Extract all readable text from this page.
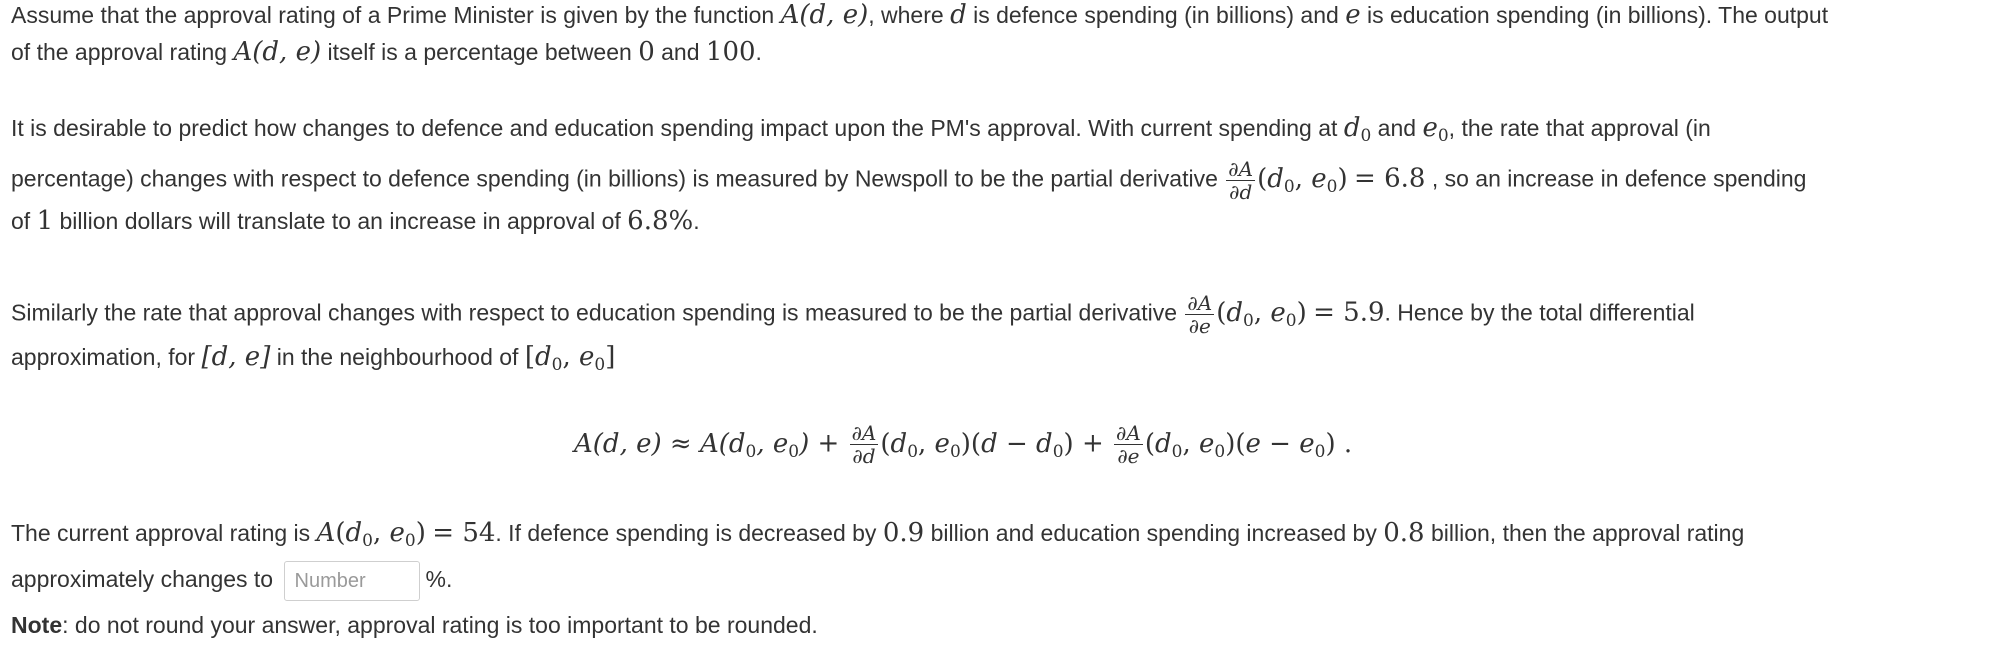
Assume that the approval rating of a Prime Minister is given by the function A(d, e), where d is defence spending (in billions) and e is education spending (in billions). The output
of the approval rating A(d, e) itself is a percentage between 0 and 100.
It is desirable to predict how changes to defence and education spending impact upon the PM's approval. With current spending at $d_0$ and $e_0$, the rate that approval (in
percentage) changes with respect to defence spending (in billions) is measured by Newspoll to be the partial derivative $\frac{\partial A}{\partial d} (d_0$, $e_0) = 6.8$ , so an increase in defence spending
of 1 billion dollars will translate to an increase in approval of 6.8%.
Similarly the rate that approval changes with respect to education spending is measured to be the partial derivative $\frac{\partial A}{\partial e} (d_0$, $e_0) = 5.9$. Hence by the total differential
approximation, for [d, e] in the neighbourhood of [$d_0$, $e_0$]
A(d, $e) \approx A(d_0$, $e_0) + \frac{\partial A}{\partial d} (d_0$, $e_0)(d - d_0) + \frac{\partial A}{\partial e} (d_0$, $e_0)(e - e_0)$ .
The current approval rating is $A(d_0$, $e_0) = 54$. If defence spending is decreased by 0.9 billion and education spending increased by 0.8 billion, then the approval rating
approximately changes to Number	%.
Note: do not round your answer, approval rating is too important to be rounded.
